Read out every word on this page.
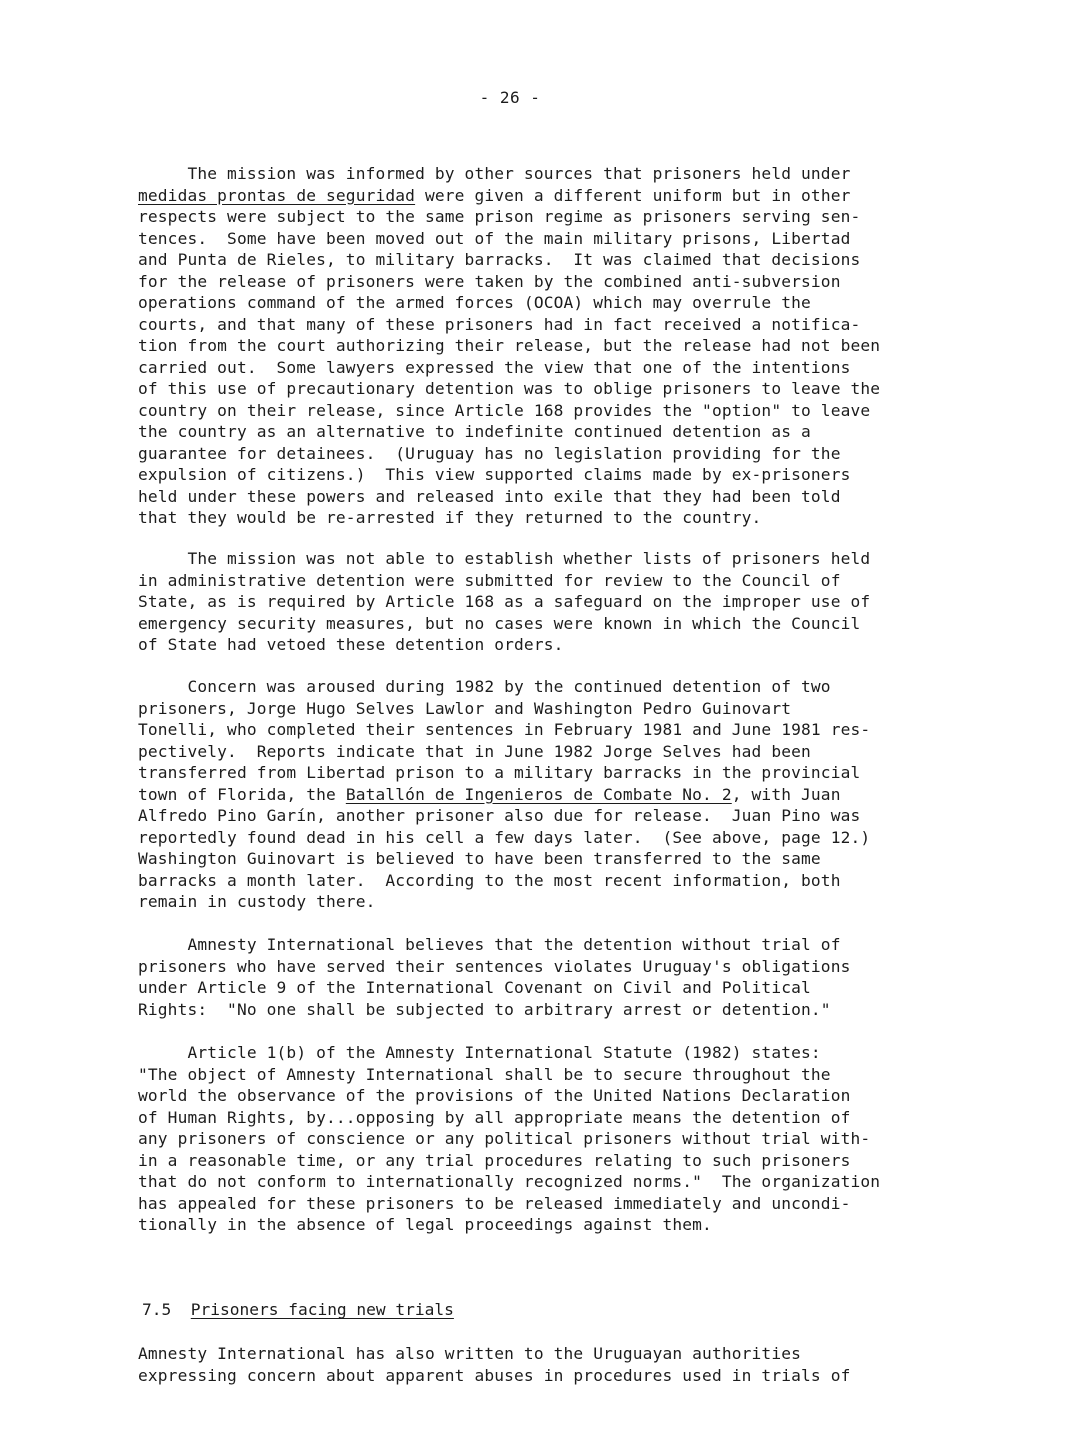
- 26 -
The mission was informed by other sources that prisoners held under
medidas prontas de seguridad were given a different uniform but in other
respects were subject to the same prison regime as prisoners serving sen-
tences.  Some have been moved out of the main military prisons, Libertad
and Punta de Rieles, to military barracks.  It was claimed that decisions
for the release of prisoners were taken by the combined anti-subversion
operations command of the armed forces (OCOA) which may overrule the
courts, and that many of these prisoners had in fact received a notifica-
tion from the court authorizing their release, but the release had not been
carried out.  Some lawyers expressed the view that one of the intentions
of this use of precautionary detention was to oblige prisoners to leave the
country on their release, since Article 168 provides the "option" to leave
the country as an alternative to indefinite continued detention as a
guarantee for detainees.  (Uruguay has no legislation providing for the
expulsion of citizens.)  This view supported claims made by ex-prisoners
held under these powers and released into exile that they had been told
that they would be re-arrested if they returned to the country.
The mission was not able to establish whether lists of prisoners held
in administrative detention were submitted for review to the Council of
State, as is required by Article 168 as a safeguard on the improper use of
emergency security measures, but no cases were known in which the Council
of State had vetoed these detention orders.
Concern was aroused during 1982 by the continued detention of two
prisoners, Jorge Hugo Selves Lawlor and Washington Pedro Guinovart
Tonelli, who completed their sentences in February 1981 and June 1981 res-
pectively.  Reports indicate that in June 1982 Jorge Selves had been
transferred from Libertad prison to a military barracks in the provincial
town of Florida, the Batallón de Ingenieros de Combate No. 2, with Juan
Alfredo Pino Garín, another prisoner also due for release.  Juan Pino was
reportedly found dead in his cell a few days later.  (See above, page 12.)
Washington Guinovart is believed to have been transferred to the same
barracks a month later.  According to the most recent information, both
remain in custody there.
Amnesty International believes that the detention without trial of
prisoners who have served their sentences violates Uruguay's obligations
under Article 9 of the International Covenant on Civil and Political
Rights:  "No one shall be subjected to arbitrary arrest or detention."
Article 1(b) of the Amnesty International Statute (1982) states:
"The object of Amnesty International shall be to secure throughout the
world the observance of the provisions of the United Nations Declaration
of Human Rights, by...opposing by all appropriate means the detention of
any prisoners of conscience or any political prisoners without trial with-
in a reasonable time, or any trial procedures relating to such prisoners
that do not conform to internationally recognized norms."  The organization
has appealed for these prisoners to be released immediately and uncondi-
tionally in the absence of legal proceedings against them.
7.5 Prisoners facing new trials
Amnesty International has also written to the Uruguayan authorities
expressing concern about apparent abuses in procedures used in trials of
